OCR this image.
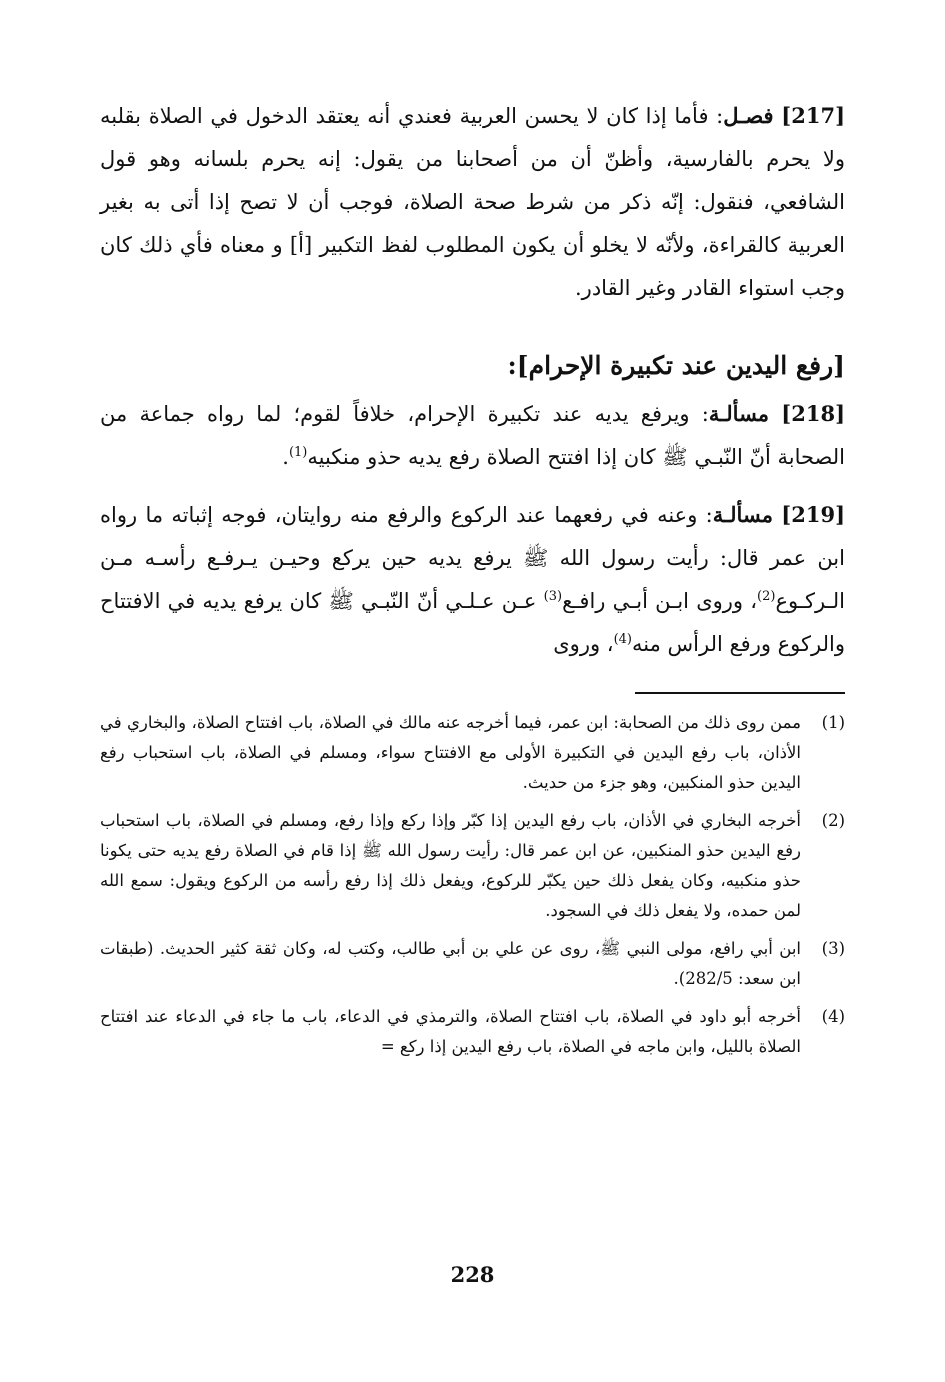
[217] فصـل: فأما إذا كان لا يحسن العربية فعندي أنه يعتقد الدخول في الصلاة بقلبه ولا يحرم بالفارسية، وأظنّ أن من أصحابنا من يقول: إنه يحرم بلسانه وهو قول الشافعي، فنقول: إنّه ذكر من شرط صحة الصلاة، فوجب أن لا تصح إذا أتى به بغير العربية كالقراءة، ولأنّه لا يخلو أن يكون المطلوب لفظ التكبير [أ] و معناه فأي ذلك كان وجب استواء القادر وغير القادر.

[رفع اليدين عند تكبيرة الإحرام]:

[218] مسألـة: ويرفع يديه عند تكبيرة الإحرام، خلافاً لقوم؛ لما رواه جماعة من الصحابة أنّ النّبـي ﷺ كان إذا افتتح الصلاة رفع يديه حذو منكبيه$^{(1)}$.

[219] مسألـة: وعنه في رفعهما عند الركوع والرفع منه روايتان، فوجه إثباته ما رواه ابن عمر قال: رأيت رسول الله ﷺ يرفع يديه حين يركع وحيـن يـرفـع رأسـه مـن الـركـوع$^{(2)}$، وروى ابـن أبـي رافـع$^{(3)}$ عـن عـلـي أنّ النّبـي ﷺ كان يرفع يديه في الافتتاح والركوع ورفع الرأس منه$^{(4)}$، وروى

(1)
ممن روى ذلك من الصحابة: ابن عمر، فيما أخرجه عنه مالك في الصلاة، باب افتتاح الصلاة، والبخاري في الأذان، باب رفع اليدين في التكبيرة الأولى مع الافتتاح سواء، ومسلم في الصلاة، باب استحباب رفع اليدين حذو المنكبين، وهو جزء من حديث.
(2)
أخرجه البخاري في الأذان، باب رفع اليدين إذا كبّر وإذا ركع وإذا رفع، ومسلم في الصلاة، باب استحباب رفع اليدين حذو المنكبين، عن ابن عمر قال: رأيت رسول الله ﷺ إذا قام في الصلاة رفع يديه حتى يكونا حذو منكبيه، وكان يفعل ذلك حين يكبّر للركوع، ويفعل ذلك إذا رفع رأسه من الركوع ويقول: سمع الله لمن حمده، ولا يفعل ذلك في السجود.
(3)
ابن أبي رافع، مولى النبي ﷺ، روى عن علي بن أبي طالب، وكتب له، وكان ثقة كثير الحديث. (طبقات ابن سعد: 282/5).
(4)
أخرجه أبو داود في الصلاة، باب افتتاح الصلاة، والترمذي في الدعاء، باب ما جاء في الدعاء عند افتتاح الصلاة بالليل، وابن ماجه في الصلاة، باب رفع اليدين إذا ركع =
228
